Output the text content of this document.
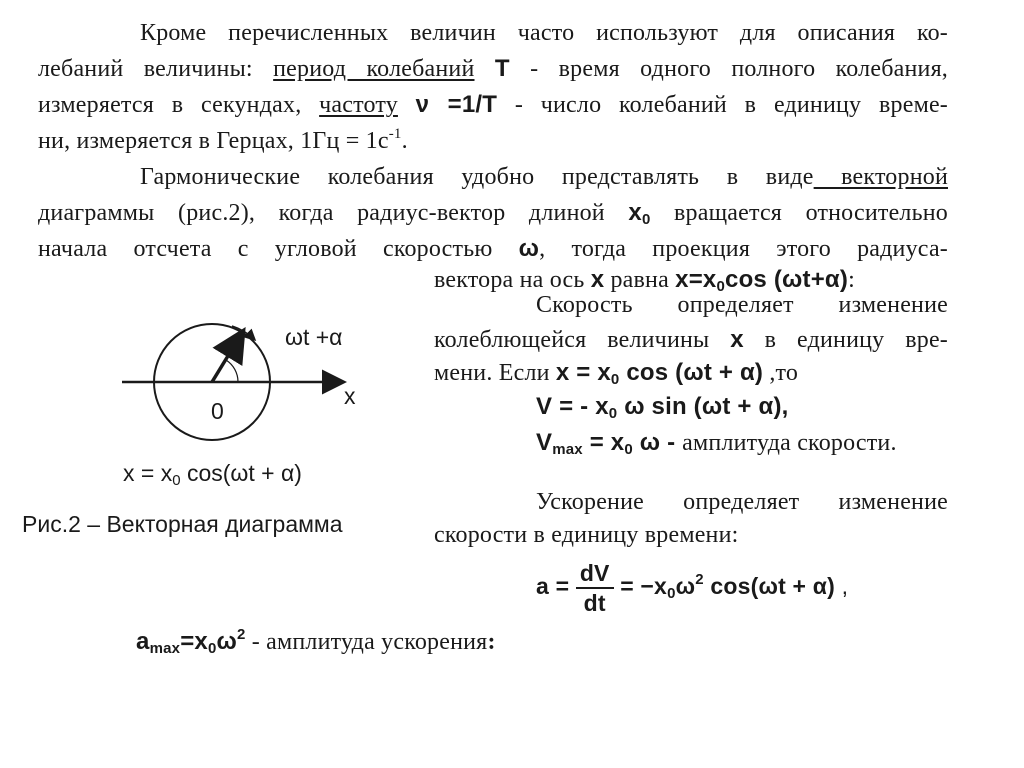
Кроме перечисленных величин часто используют для описания ко-
лебаний величины: период колебаний T - время одного полного колебания,
измеряется в секундах, частоту ν =1/T - число колебаний в единицу време-
ни, измеряется в Герцах, $1Гц = 1с^{-1}$.
Гармонические колебания удобно представлять в виде векторной
диаграммы (рис.2), когда радиус-вектор длиной $x_0$ вращается относительно
начала отсчета с угловой скоростью ω, тогда проекция этого радиуса-
вектора на ось x равна $x=x_0\cos$ (ωt+α):
Скорость определяет изменение
колеблющейся величины x в единицу вре-
мени. Если $x = x_0$ cos (ωt + α) ,то
V = - $x_0$ ω sin (ωt + α),
$V_{max} = x_0$ ω - амплитуда скорости.
Ускорение определяет изменение
скорости в единицу времени:
$a = \frac{dV}{dt} = -x_0\omega^2$ cos(ωt + α) ,
$a_{max}=x_0\omega^2$ - амплитуда ускорения:
ωt +α
x
0
$x = x_0$ cos(ωt + α)
Рис.2 – Векторная диаграмма
